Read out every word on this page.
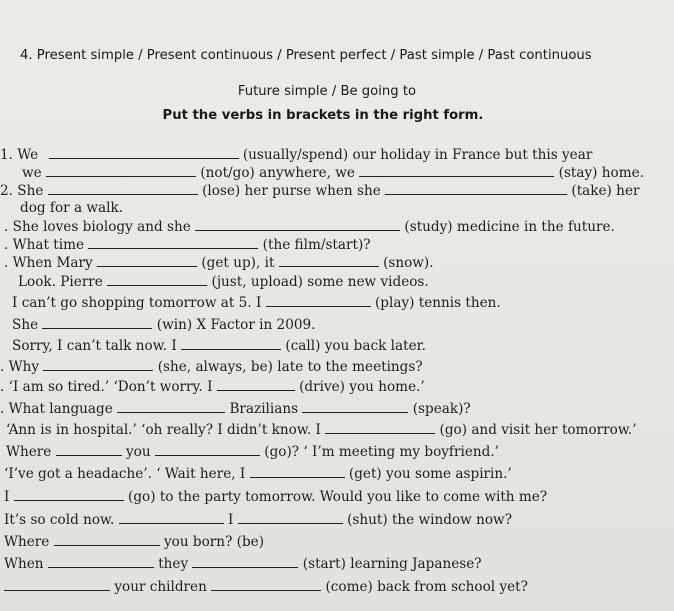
4. Present simple / Present continuous / Present perfect / Past simple / Past continuous
Future simple / Be going to
Put the verbs in brackets in the right form.
1. We	(usually/spend) our holiday in France but this year
we	(not/go) anywhere, we	(stay) home.
2. She	(lose) her purse when she	(take) her
dog for a walk.
. She loves biology and she	(study) medicine in the future.
. What time	(the film/start)?
. When Mary	(get up), it	(snow).
Look. Pierre	(just, upload) some new videos.
I can’t go shopping tomorrow at 5. I	(play) tennis then.
She	(win) X Factor in 2009.
Sorry, I can’t talk now. I	(call) you back later.
. Why	(she, always, be) late to the meetings?
. ‘I am so tired.’ ‘Don’t worry. I	(drive) you home.’
. What language	Brazilians	(speak)?
‘Ann is in hospital.’ ‘oh really? I didn’t know. I	(go) and visit her tomorrow.’
Where	you	(go)? ‘ I’m meeting my boyfriend.’
‘I’ve got a headache’. ‘ Wait here, I	(get) you some aspirin.’
I	(go) to the party tomorrow. Would you like to come with me?
It’s so cold now.	I	(shut) the window now?
Where	you born? (be)
When	they	(start) learning Japanese?
your children	(come) back from school yet?
